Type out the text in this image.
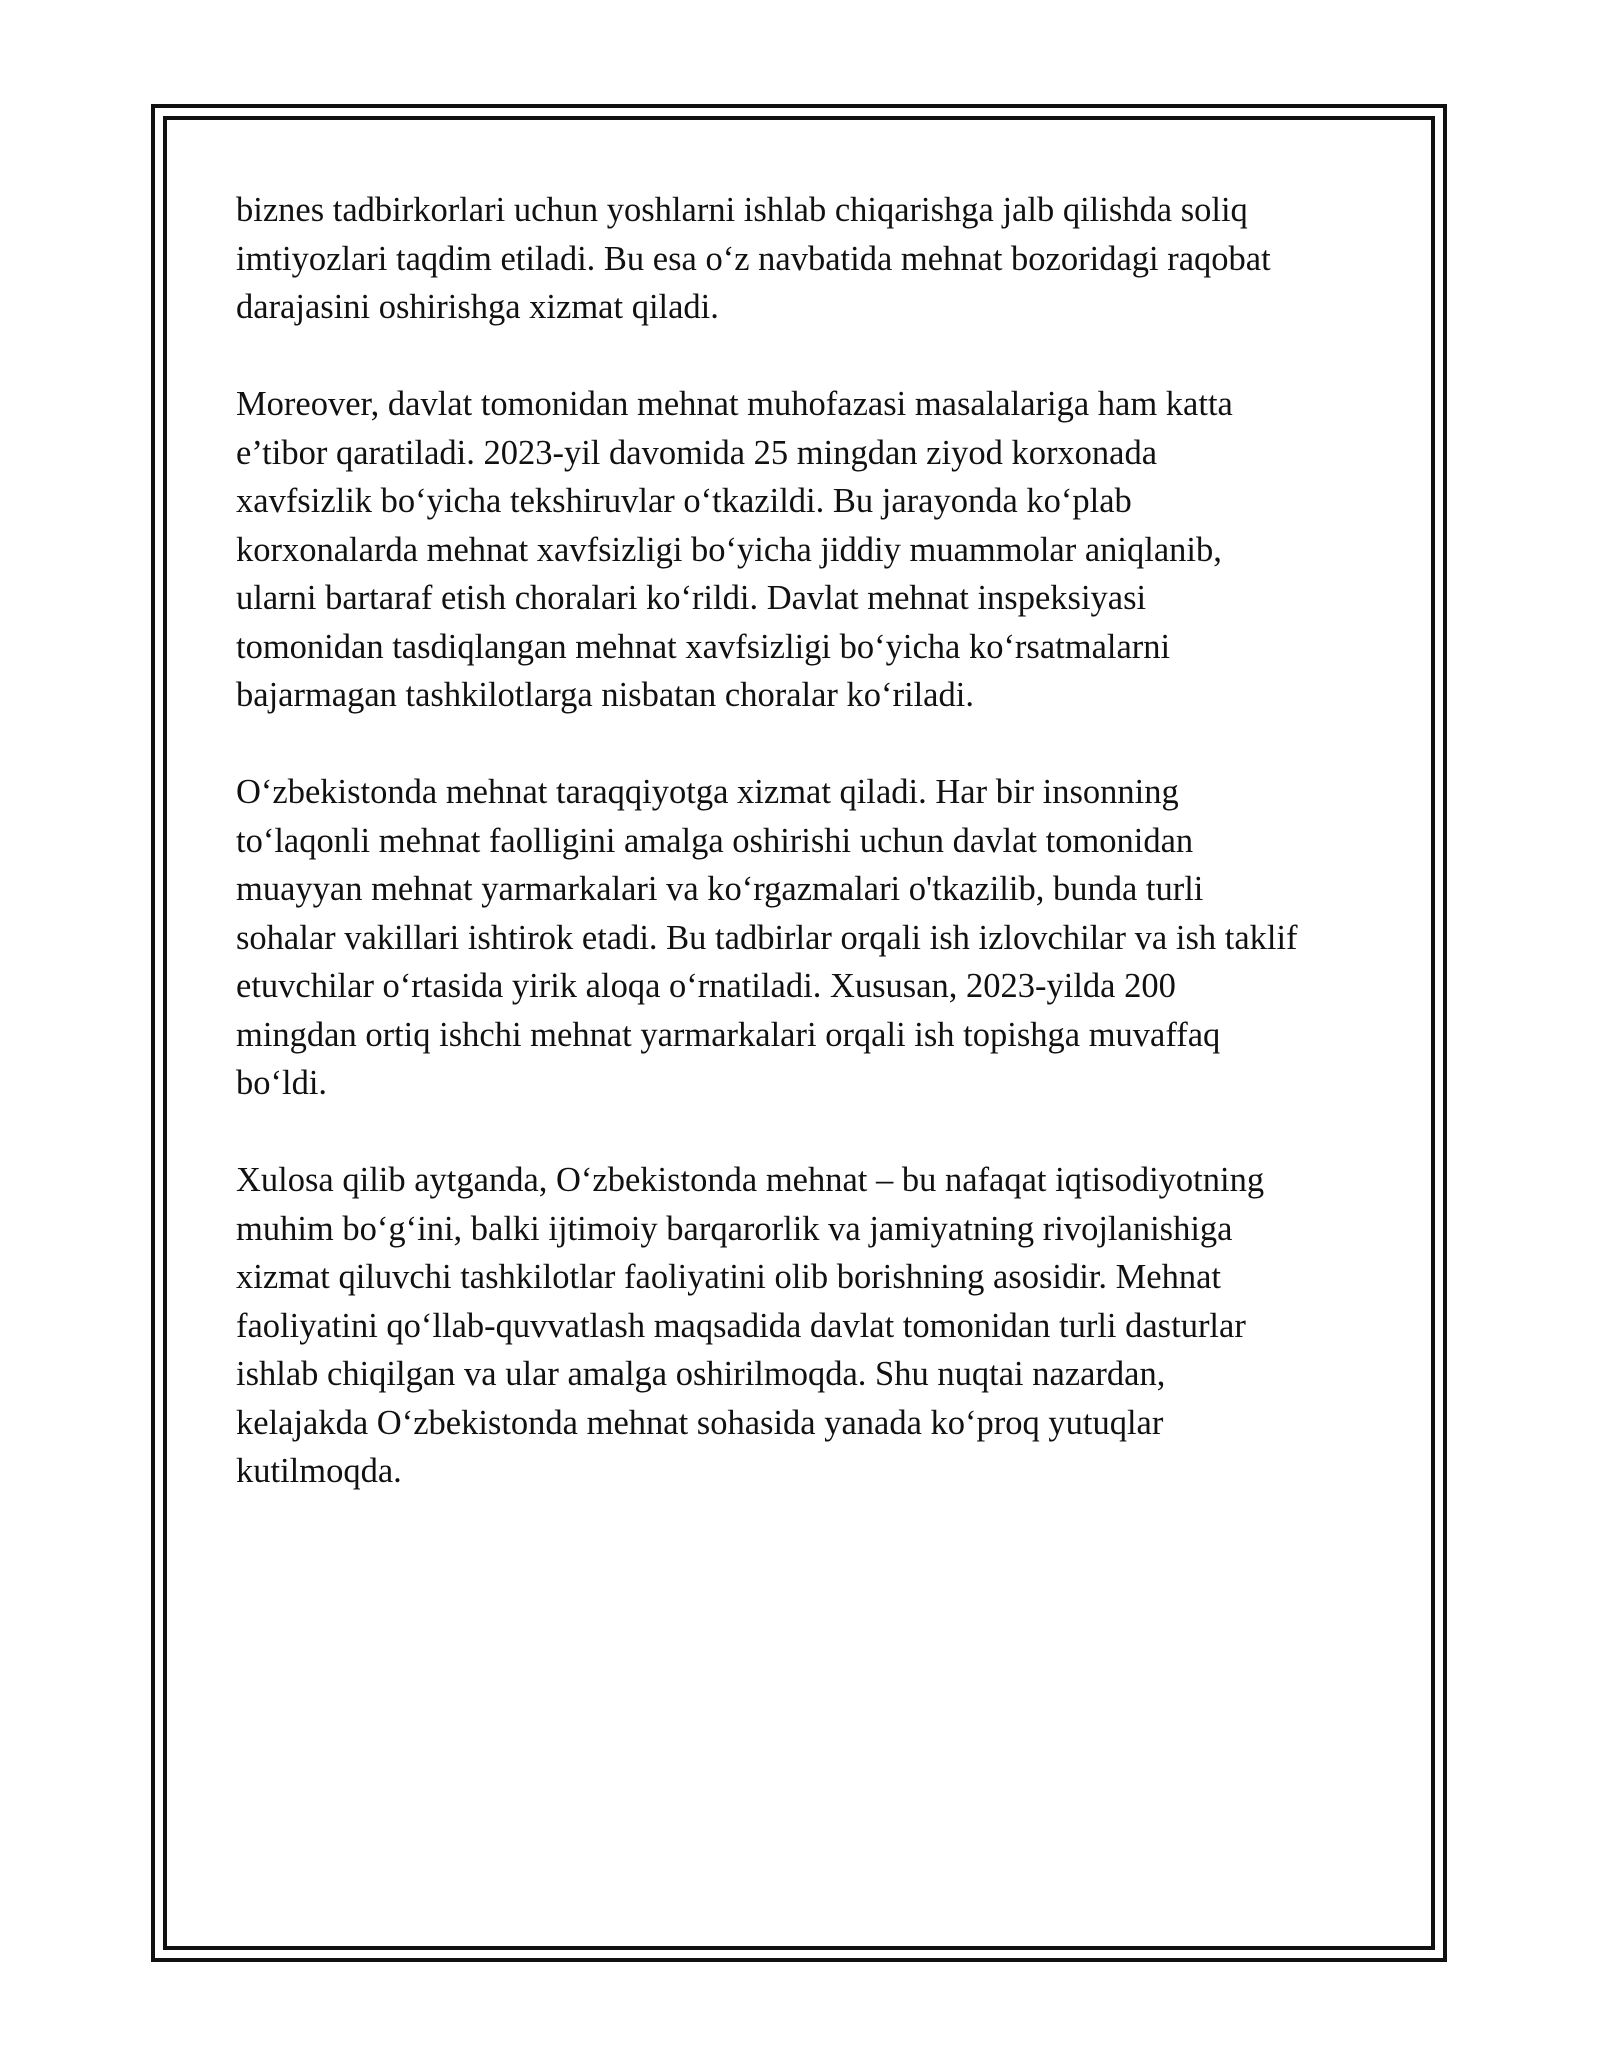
biznes tadbirkorlari uchun yoshlarni ishlab chiqarishga jalb qilishda soliq
imtiyozlari taqdim etiladi. Bu esa o‘z navbatida mehnat bozoridagi raqobat
darajasini oshirishga xizmat qiladi.

Moreover, davlat tomonidan mehnat muhofazasi masalalariga ham katta
e’tibor qaratiladi. 2023-yil davomida 25 mingdan ziyod korxonada
xavfsizlik bo‘yicha tekshiruvlar o‘tkazildi. Bu jarayonda ko‘plab
korxonalarda mehnat xavfsizligi bo‘yicha jiddiy muammolar aniqlanib,
ularni bartaraf etish choralari ko‘rildi. Davlat mehnat inspeksiyasi
tomonidan tasdiqlangan mehnat xavfsizligi bo‘yicha ko‘rsatmalarni
bajarmagan tashkilotlarga nisbatan choralar ko‘riladi.

O‘zbekistonda mehnat taraqqiyotga xizmat qiladi. Har bir insonning
to‘laqonli mehnat faolligini amalga oshirishi uchun davlat tomonidan
muayyan mehnat yarmarkalari va ko‘rgazmalari o'tkazilib, bunda turli
sohalar vakillari ishtirok etadi. Bu tadbirlar orqali ish izlovchilar va ish taklif
etuvchilar o‘rtasida yirik aloqa o‘rnatiladi. Xususan, 2023-yilda 200
mingdan ortiq ishchi mehnat yarmarkalari orqali ish topishga muvaffaq
bo‘ldi.

Xulosa qilib aytganda, O‘zbekistonda mehnat – bu nafaqat iqtisodiyotning
muhim bo‘g‘ini, balki ijtimoiy barqarorlik va jamiyatning rivojlanishiga
xizmat qiluvchi tashkilotlar faoliyatini olib borishning asosidir. Mehnat
faoliyatini qo‘llab-quvvatlash maqsadida davlat tomonidan turli dasturlar
ishlab chiqilgan va ular amalga oshirilmoqda. Shu nuqtai nazardan,
kelajakda O‘zbekistonda mehnat sohasida yanada ko‘proq yutuqlar
kutilmoqda.
